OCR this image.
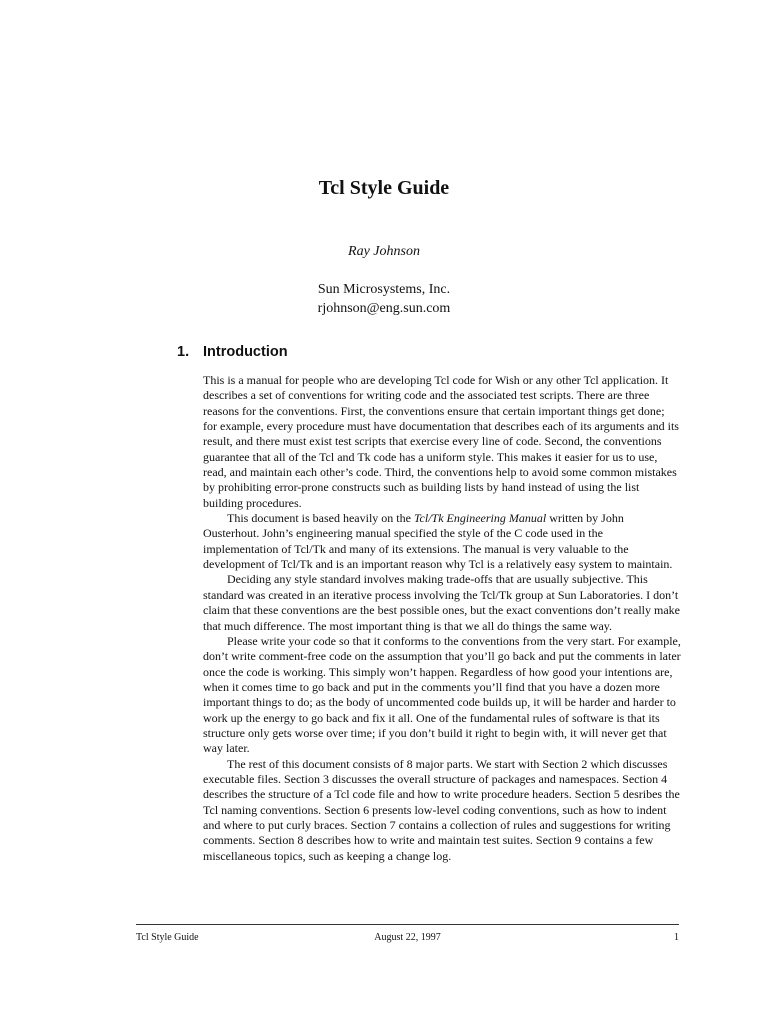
Tcl Style Guide
Ray Johnson
Sun Microsystems, Inc.
rjohnson@eng.sun.com
1. Introduction

This is a manual for people who are developing Tcl code for Wish or any other Tcl application. It describes a set of conventions for writing code and the associated test scripts. There are three reasons for the conventions. First, the conventions ensure that certain important things get done; for example, every procedure must have documentation that describes each of its arguments and its result, and there must exist test scripts that exercise every line of code. Second, the conventions guarantee that all of the Tcl and Tk code has a uniform style. This makes it easier for us to use, read, and maintain each other’s code. Third, the conventions help to avoid some common mistakes by prohibiting error-prone constructs such as building lists by hand instead of using the list building procedures.

This document is based heavily on the Tcl/Tk Engineering Manual written by John Ousterhout. John’s engineering manual specified the style of the C code used in the implementation of Tcl/Tk and many of its extensions. The manual is very valuable to the development of Tcl/Tk and is an important reason why Tcl is a relatively easy system to maintain.

Deciding any style standard involves making trade-offs that are usually subjective. This standard was created in an iterative process involving the Tcl/Tk group at Sun Laboratories. I don’t claim that these conventions are the best possible ones, but the exact conventions don’t really make that much difference. The most important thing is that we all do things the same way.

Please write your code so that it conforms to the conventions from the very start. For example, don’t write comment-free code on the assumption that you’ll go back and put the comments in later once the code is working. This simply won’t happen. Regardless of how good your intentions are, when it comes time to go back and put in the comments you’ll find that you have a dozen more important things to do; as the body of uncommented code builds up, it will be harder and harder to work up the energy to go back and fix it all. One of the fundamental rules of software is that its structure only gets worse over time; if you don’t build it right to begin with, it will never get that way later.

The rest of this document consists of 8 major parts. We start with Section 2 which discusses executable files. Section 3 discusses the overall structure of packages and namespaces. Section 4 describes the structure of a Tcl code file and how to write procedure headers. Section 5 desribes the Tcl naming conventions. Section 6 presents low-level coding conventions, such as how to indent and where to put curly braces. Section 7 contains a collection of rules and suggestions for writing comments. Section 8 describes how to write and maintain test suites. Section 9 contains a few miscellaneous topics, such as keeping a change log.

Tcl Style Guide	August 22, 1997	1
